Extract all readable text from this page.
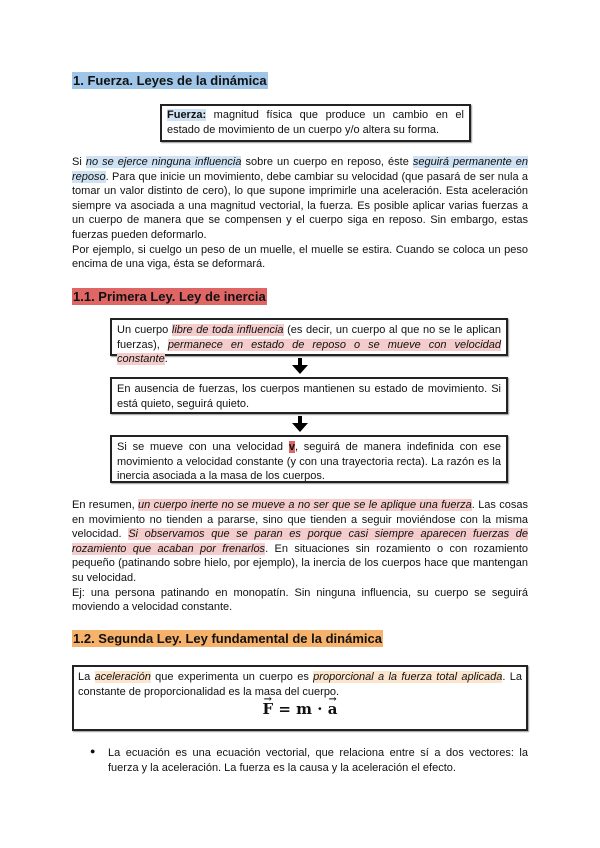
1. Fuerza. Leyes de la dinámica
Fuerza: magnitud física que produce un cambio en el estado de movimiento de un cuerpo y/o altera su forma.
Si no se ejerce ninguna influencia sobre un cuerpo en reposo, éste seguirá permanente en reposo. Para que inicie un movimiento, debe cambiar su velocidad (que pasará de ser nula a tomar un valor distinto de cero), lo que supone imprimirle una aceleración. Esta aceleración siempre va asociada a una magnitud vectorial, la fuerza. Es posible aplicar varias fuerzas a un cuerpo de manera que se compensen y el cuerpo siga en reposo. Sin embargo, estas fuerzas pueden deformarlo.
Por ejemplo, si cuelgo un peso de un muelle, el muelle se estira. Cuando se coloca un peso encima de una viga, ésta se deformará.
1.1. Primera Ley. Ley de inercia
Un cuerpo libre de toda influencia (es decir, un cuerpo al que no se le aplican fuerzas), permanece en estado de reposo o se mueve con velocidad constante.
En ausencia de fuerzas, los cuerpos mantienen su estado de movimiento. Si está quieto, seguirá quieto.
Si se mueve con una velocidad v, seguirá de manera indefinida con ese movimiento a velocidad constante (y con una trayectoria recta). La razón es la inercia asociada a la masa de los cuerpos.
En resumen, un cuerpo inerte no se mueve a no ser que se le aplique una fuerza. Las cosas en movimiento no tienden a pararse, sino que tienden a seguir moviéndose con la misma velocidad. Si observamos que se paran es porque casi siempre aparecen fuerzas de rozamiento que acaban por frenarlos. En situaciones sin rozamiento o con rozamiento pequeño (patinando sobre hielo, por ejemplo), la inercia de los cuerpos hace que mantengan su velocidad.
Ej: una persona patinando en monopatín. Sin ninguna influencia, su cuerpo se seguirá moviendo a velocidad constante.
1.2. Segunda Ley. Ley fundamental de la dinámica
La aceleración que experimenta un cuerpo es proporcional a la fuerza total aplicada. La constante de proporcionalidad es la masa del cuerpo.
→ F = m · → a
● La ecuación es una ecuación vectorial, que relaciona entre sí a dos vectores: la fuerza y la aceleración. La fuerza es la causa y la aceleración el efecto.
